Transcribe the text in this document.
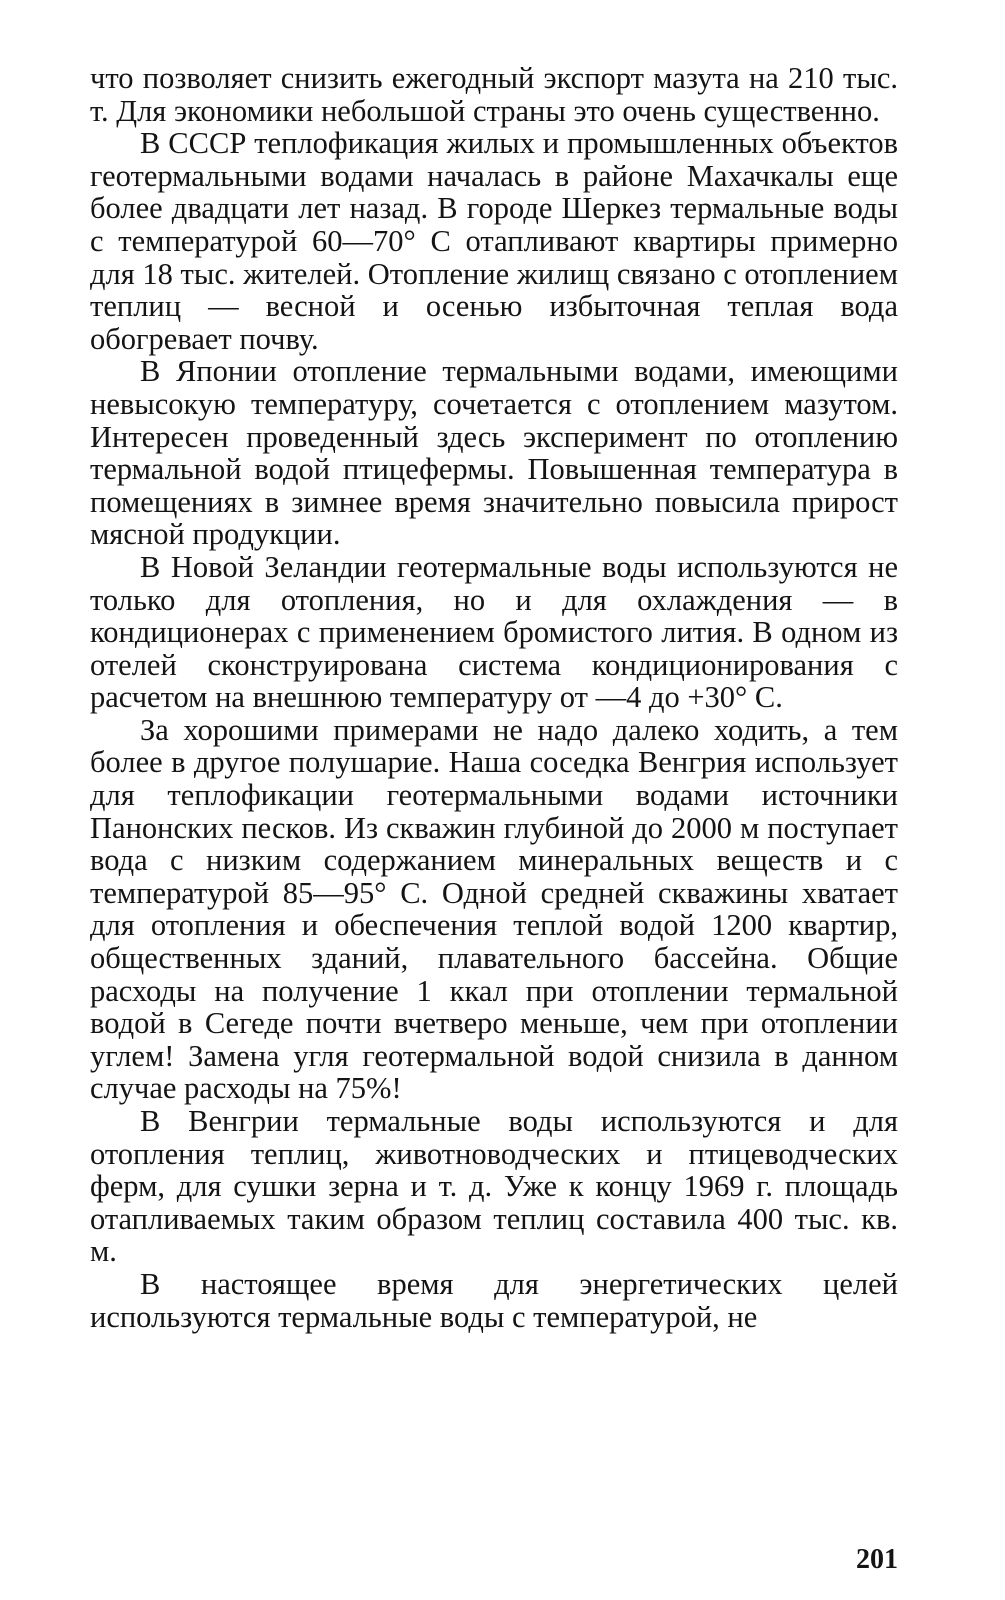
что позволяет снизить ежегодный экспорт мазута на 210 тыс. т. Для экономики небольшой страны это очень существенно.

В СССР теплофикация жилых и промышленных объектов геотермальными водами началась в районе Махачкалы еще более двадцати лет назад. В городе Шеркез термальные воды с температурой 60—70° С отапливают квартиры примерно для 18 тыс. жителей. Отопление жилищ связано с отоплением теплиц — весной и осенью избыточная теплая вода обогревает почву.

В Японии отопление термальными водами, имеющими невысокую температуру, сочетается с отоплением мазутом. Интересен проведенный здесь эксперимент по отоплению термальной водой птицефермы. Повышенная температура в помещениях в зимнее время значительно повысила прирост мясной продукции.

В Новой Зеландии геотермальные воды используются не только для отопления, но и для охлаждения — в кондиционерах с применением бромистого лития. В одном из отелей сконструирована система кондиционирования с расчетом на внешнюю температуру от —4 до +30° С.

За хорошими примерами не надо далеко ходить, а тем более в другое полушарие. Наша соседка Венгрия использует для теплофикации геотермальными водами источники Панонских песков. Из скважин глубиной до 2000 м поступает вода с низким содержанием минеральных веществ и с температурой 85—95° С. Одной средней скважины хватает для отопления и обеспечения теплой водой 1200 квартир, общественных зданий, плавательного бассейна. Общие расходы на получение 1 ккал при отоплении термальной водой в Сегеде почти вчетверо меньше, чем при отоплении углем! Замена угля геотермальной водой снизила в данном случае расходы на 75%!

В Венгрии термальные воды используются и для отопления теплиц, животноводческих и птицеводческих ферм, для сушки зерна и т. д. Уже к концу 1969 г. площадь отапливаемых таким образом теплиц составила 400 тыс. кв. м.

В настоящее время для энергетических целей используются термальные воды с температурой, не

201
